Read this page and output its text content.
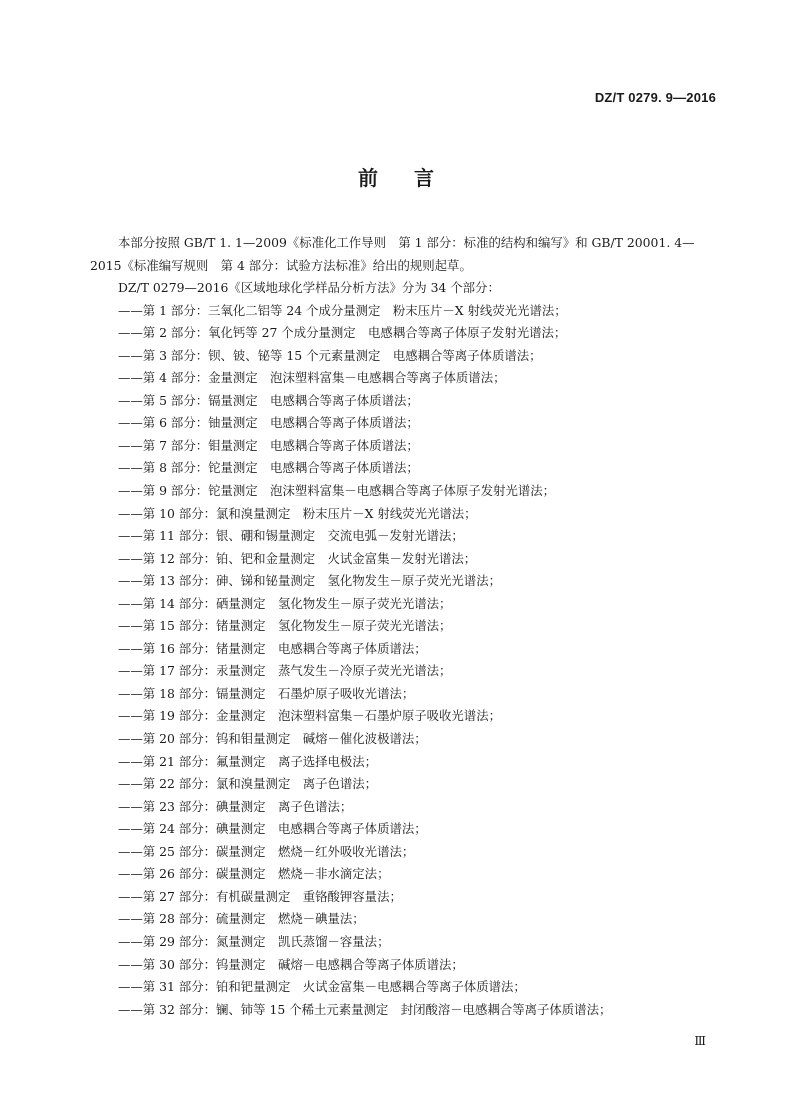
DZ/T 0279. 9—2016
前言

本部分按照 GB/T 1. 1—2009《标准化工作导则　第 1 部分：标准的结构和编写》和 GB/T 20001. 4—

2015《标准编写规则　第 4 部分：试验方法标准》给出的规则起草。

DZ/T 0279—2016《区域地球化学样品分析方法》分为 34 个部分：

——第 1 部分：三氧化二铝等 24 个成分量测定　粉末压片－X 射线荧光光谱法；

——第 2 部分：氧化钙等 27 个成分量测定　电感耦合等离子体原子发射光谱法；

——第 3 部分：钡、铍、铋等 15 个元素量测定　电感耦合等离子体质谱法；

——第 4 部分：金量测定　泡沫塑料富集－电感耦合等离子体质谱法；

——第 5 部分：镉量测定　电感耦合等离子体质谱法；

——第 6 部分：铀量测定　电感耦合等离子体质谱法；

——第 7 部分：钼量测定　电感耦合等离子体质谱法；

——第 8 部分：铊量测定　电感耦合等离子体质谱法；

——第 9 部分：铊量测定　泡沫塑料富集－电感耦合等离子体原子发射光谱法；

——第 10 部分：氯和溴量测定　粉末压片－X 射线荧光光谱法；

——第 11 部分：银、硼和锡量测定　交流电弧－发射光谱法；

——第 12 部分：铂、钯和金量测定　火试金富集－发射光谱法；

——第 13 部分：砷、锑和铋量测定　氢化物发生－原子荧光光谱法；

——第 14 部分：硒量测定　氢化物发生－原子荧光光谱法；

——第 15 部分：锗量测定　氢化物发生－原子荧光光谱法；

——第 16 部分：锗量测定　电感耦合等离子体质谱法；

——第 17 部分：汞量测定　蒸气发生－冷原子荧光光谱法；

——第 18 部分：镉量测定　石墨炉原子吸收光谱法；

——第 19 部分：金量测定　泡沫塑料富集－石墨炉原子吸收光谱法；

——第 20 部分：钨和钼量测定　碱熔－催化波极谱法；

——第 21 部分：氟量测定　离子选择电极法；

——第 22 部分：氯和溴量测定　离子色谱法；

——第 23 部分：碘量测定　离子色谱法；

——第 24 部分：碘量测定　电感耦合等离子体质谱法；

——第 25 部分：碳量测定　燃烧－红外吸收光谱法；

——第 26 部分：碳量测定　燃烧－非水滴定法；

——第 27 部分：有机碳量测定　重铬酸钾容量法；

——第 28 部分：硫量测定　燃烧－碘量法；

——第 29 部分：氮量测定　凯氏蒸馏－容量法；

——第 30 部分：钨量测定　碱熔－电感耦合等离子体质谱法；

——第 31 部分：铂和钯量测定　火试金富集－电感耦合等离子体质谱法；

——第 32 部分：镧、铈等 15 个稀土元素量测定　封闭酸溶－电感耦合等离子体质谱法；

Ⅲ
